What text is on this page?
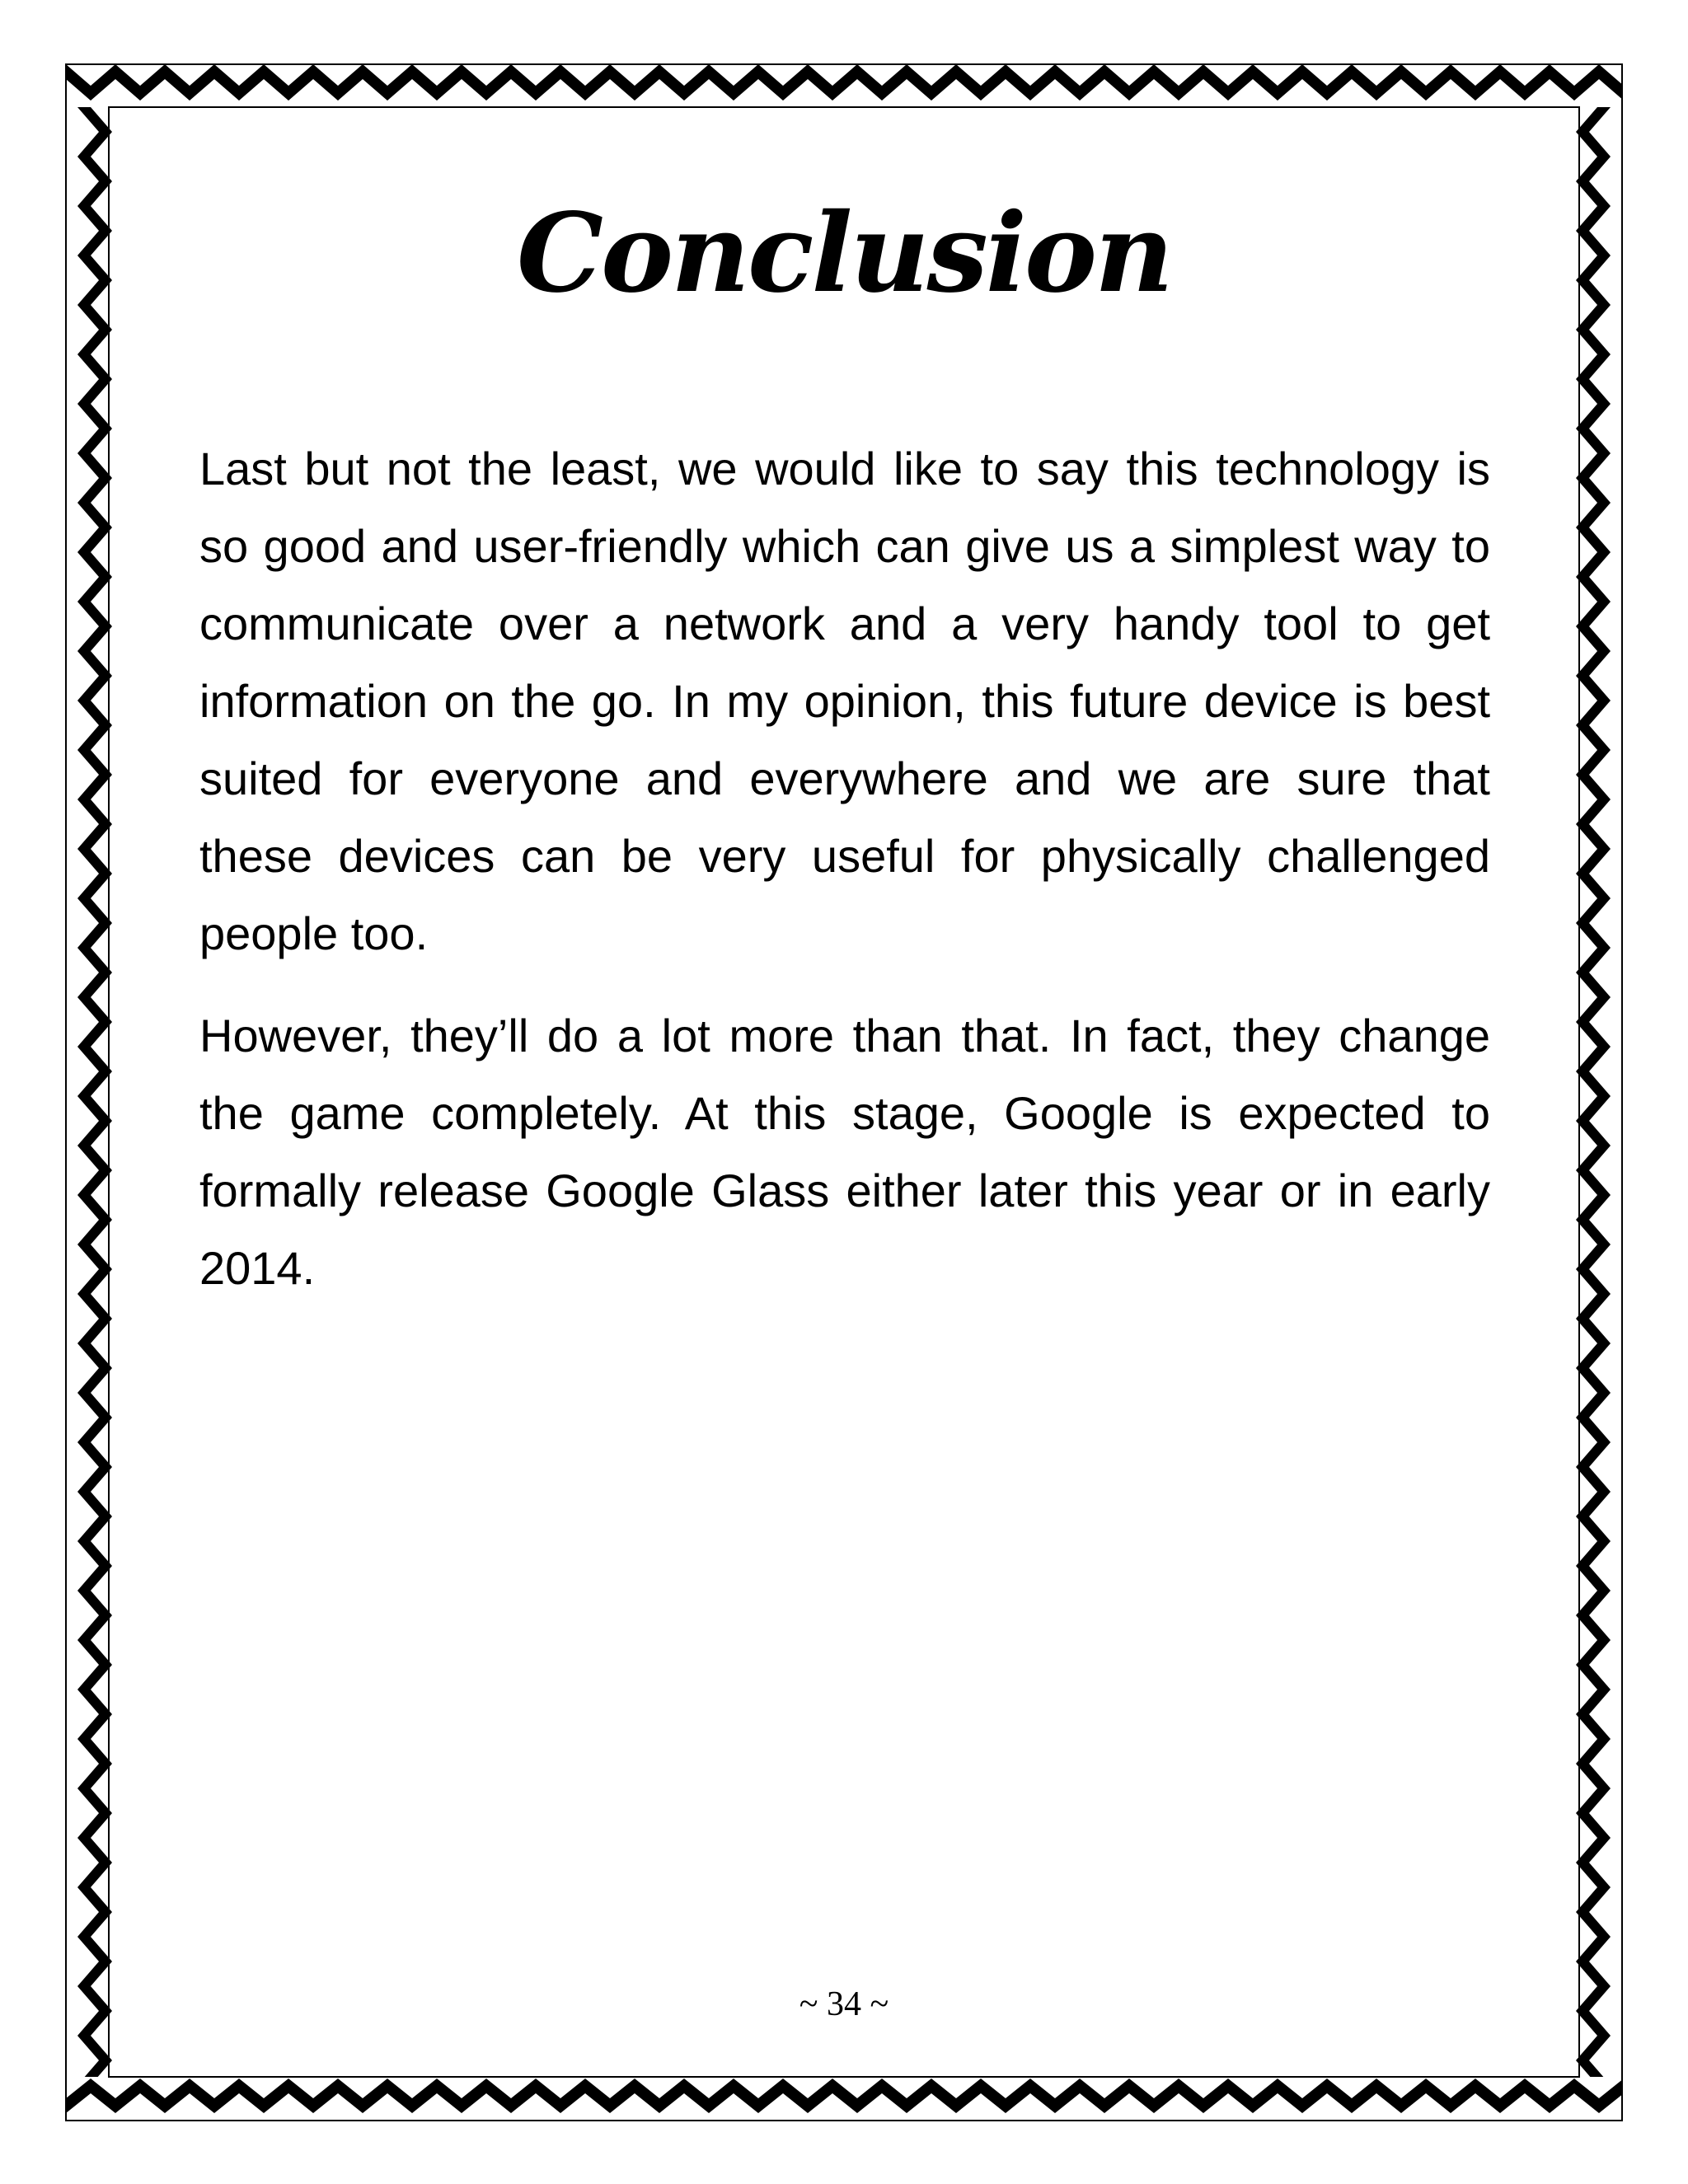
Conclusion

Last but not the least, we would like to say this technology is so good and user-friendly which can give us a simplest way to communicate over a network and a very handy tool to get information on the go. In my opinion, this future device is best suited for everyone and everywhere and we are sure that these devices can be very useful for physically challenged people too.

However, they’ll do a lot more than that. In fact, they change the game completely. At this stage, Google is expected to formally release Google Glass either later this year or in early 2014.

~ 34 ~
